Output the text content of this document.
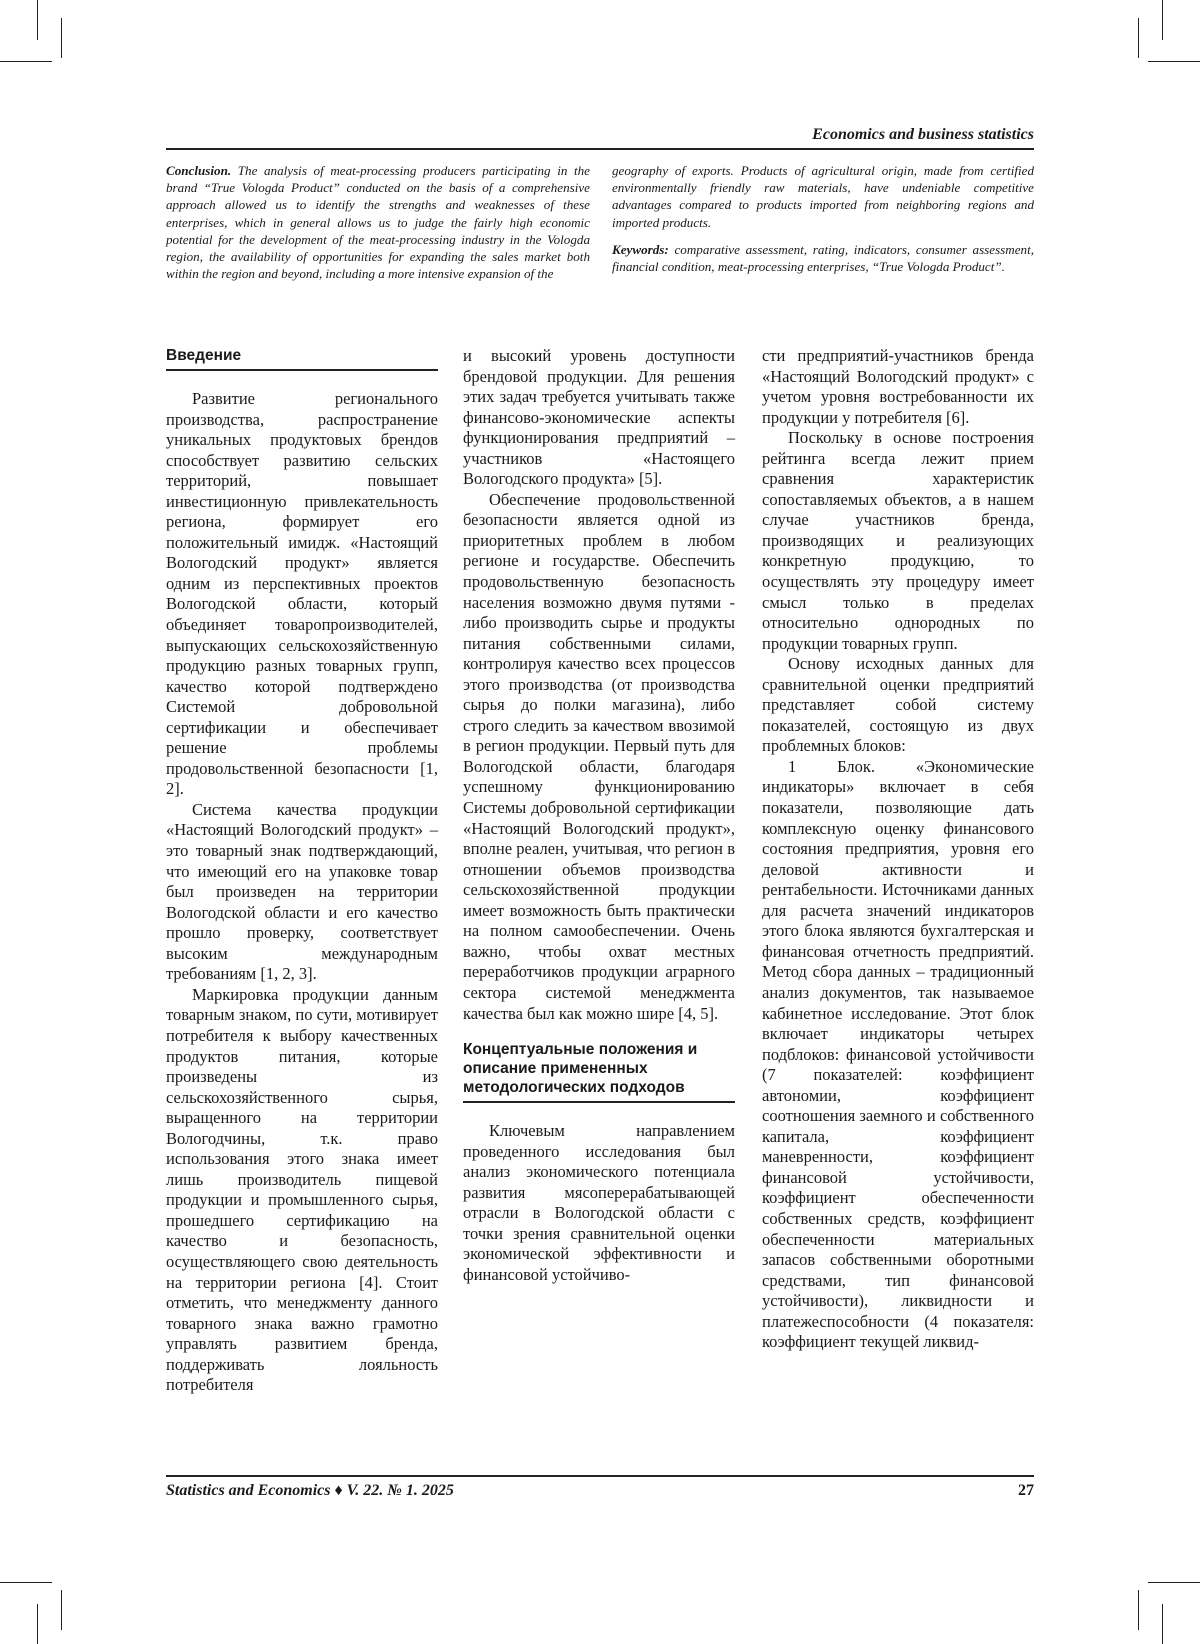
Economics and business statistics

Conclusion. The analysis of meat-processing producers participating in the brand “True Vologda Product” conducted on the basis of a comprehensive approach allowed us to identify the strengths and weaknesses of these enterprises, which in general allows us to judge the fairly high economic potential for the development of the meat-processing industry in the Vologda region, the availability of opportunities for expanding the sales market both within the region and beyond, including a more intensive expansion of the

geography of exports. Products of agricultural origin, made from certified environmentally friendly raw materials, have undeniable competitive advantages compared to products imported from neighboring regions and imported products.

Keywords: comparative assessment, rating, indicators, consumer assessment, financial condition, meat-processing enterprises, “True Vologda Product”.

Введение

Развитие регионального производства, распространение уникальных продуктовых брендов способствует развитию сельских территорий, повышает инвестиционную привлекательность региона, формирует его положительный имидж. «Настоящий Вологодский продукт» является одним из перспективных проектов Вологодской области, который объединяет товаропроизводителей, выпускающих сельскохозяйственную продукцию разных товарных групп, качество которой подтверждено Системой добровольной сертификации и обеспечивает решение проблемы продовольственной безопасности [1, 2].

Система качества продукции «Настоящий Вологодский продукт» – это товарный знак подтверждающий, что имеющий его на упаковке товар был произведен на территории Вологодской области и его качество прошло проверку, соответствует высоким международным требованиям [1, 2, 3].

Маркировка продукции данным товарным знаком, по сути, мотивирует потребителя к выбору качественных продуктов питания, которые произведены из сельскохозяйственного сырья, выращенного на территории Вологодчины, т.к. право использования этого знака имеет лишь производитель пищевой продукции и промышленного сырья, прошедшего сертификацию на качество и безопасность, осуществляющего свою деятельность на территории региона [4]. Стоит отметить, что менеджменту данного товарного знака важно грамотно управлять развитием бренда, поддерживать лояльность потребителя

и высокий уровень доступности брендовой продукции. Для решения этих задач требуется учитывать также финансово-экономические аспекты функционирования предприятий – участников «Настоящего Вологодского продукта» [5].

Обеспечение продовольственной безопасности является одной из приоритетных проблем в любом регионе и государстве. Обеспечить продовольственную безопасность населения возможно двумя путями - либо производить сырье и продукты питания собственными силами, контролируя качество всех процессов этого производства (от производства сырья до полки магазина), либо строго следить за качеством ввозимой в регион продукции. Первый путь для Вологодской области, благодаря успешному функционированию Системы добровольной сертификации «Настоящий Вологодский продукт», вполне реален, учитывая, что регион в отношении объемов производства сельскохозяйственной продукции имеет возможность быть практически на полном самообеспечении. Очень важно, чтобы охват местных переработчиков продукции аграрного сектора системой менеджмента качества был как можно шире [4, 5].

Концептуальные положения и описание примененных методологических подходов

Ключевым направлением проведенного исследования был анализ экономического потенциала развития мясоперерабатывающей отрасли в Вологодской области с точки зрения сравнительной оценки экономической эффективности и финансовой устойчиво-

сти предприятий-участников бренда «Настоящий Вологодский продукт» с учетом уровня востребованности их продукции у потребителя [6].

Поскольку в основе построения рейтинга всегда лежит прием сравнения характеристик сопоставляемых объектов, а в нашем случае участников бренда, производящих и реализующих конкретную продукцию, то осуществлять эту процедуру имеет смысл только в пределах относительно однородных по продукции товарных групп.

Основу исходных данных для сравнительной оценки предприятий представляет собой систему показателей, состоящую из двух проблемных блоков:

1 Блок. «Экономические индикаторы» включает в себя показатели, позволяющие дать комплексную оценку финансового состояния предприятия, уровня его деловой активности и рентабельности. Источниками данных для расчета значений индикаторов этого блока являются бухгалтерская и финансовая отчетность предприятий. Метод сбора данных – традиционный анализ документов, так называемое кабинетное исследование. Этот блок включает индикаторы четырех подблоков: финансовой устойчивости (7 показателей: коэффициент автономии, коэффициент соотношения заемного и собственного капитала, коэффициент маневренности, коэффициент финансовой устойчивости, коэффициент обеспеченности собственных средств, коэффициент обеспеченности материальных запасов собственными оборотными средствами, тип финансовой устойчивости), ликвидности и платежеспособности (4 показателя: коэффициент текущей ликвид-

Statistics and Economics ♦ V. 22. № 1. 2025	27
